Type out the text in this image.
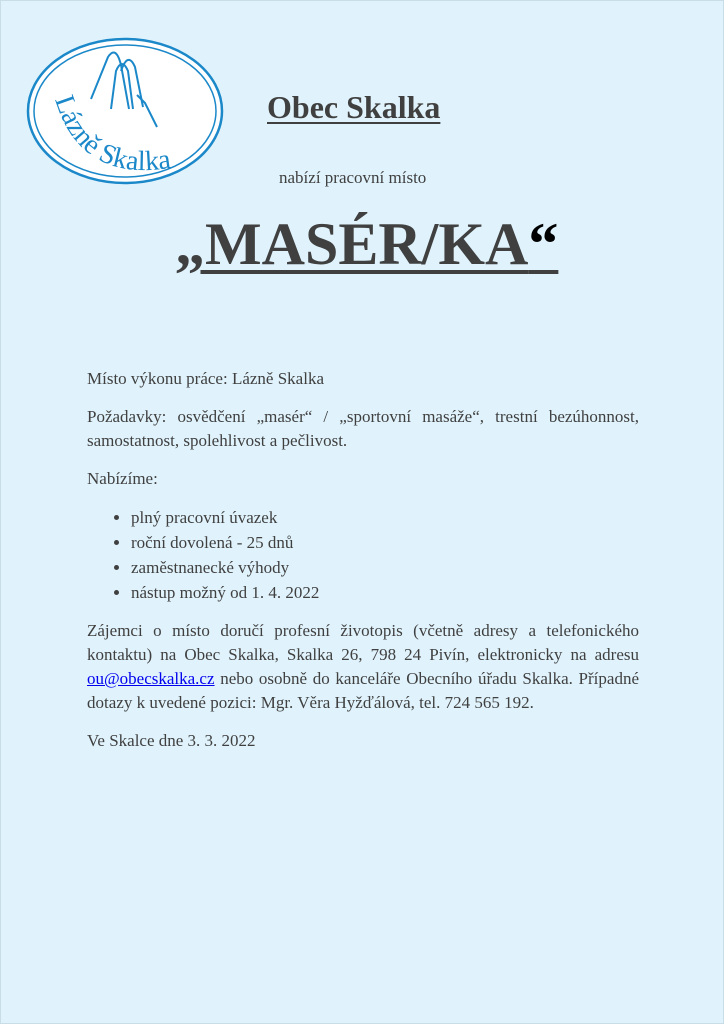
Lázně Skalka
Obec Skalka
nabízí pracovní místo
„MASÉR/KA“

Místo výkonu práce: Lázně Skalka

Požadavky: osvědčení „masér“ / „sportovní masáže“, trestní bezúhonnost, samostatnost, spolehlivost a pečlivost.

Nabízíme:

• plný pracovní úvazek
• roční dovolená - 25 dnů
• zaměstnanecké výhody
• nástup možný od 1. 4. 2022

Zájemci o místo doručí profesní životopis (včetně adresy a telefonického kontaktu) na Obec Skalka, Skalka 26, 798 24 Pivín, elektronicky na adresu ou@obecskalka.cz nebo osobně do kanceláře Obecního úřadu Skalka. Případné dotazy k uvedené pozici: Mgr. Věra Hyžďálová, tel. 724 565 192.

Ve Skalce dne 3. 3. 2022
